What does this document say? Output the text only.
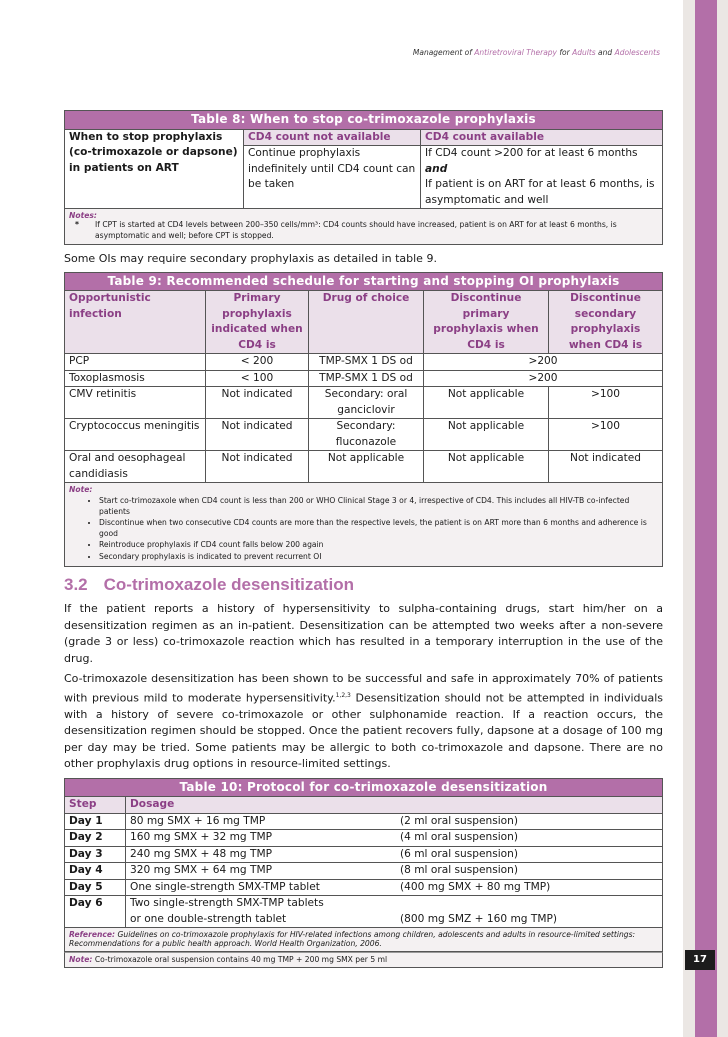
17
Management of Antiretroviral Therapy for Adults and Adolescents
Table 8: When to stop co-trimoxazole prophylaxis		
When to stop prophylaxis (co-trimoxazole or dapsone) in patients on ART	CD4 count not available	CD4 count available
	Continue prophylaxis indefinitely until CD4 count can be taken	If CD4 count >200 for at least 6 months
and
If patient is on ART for at least 6 months, is asymptomatic and well
Notes:
*	If CPT is started at CD4 levels between 200–350 cells/mm³: CD4 counts should have increased, patient is on ART for at least 6 months, is asymptomatic and well; before CPT is stopped.

Some OIs may require secondary prophylaxis as detailed in table 9.

Table 9: Recommended schedule for starting and stopping OI prophylaxis				
Opportunistic infection	Primary prophylaxis indicated when CD4 is	Drug of choice	Discontinue primary prophylaxis when CD4 is	Discontinue secondary prophylaxis when CD4 is
PCP	< 200	TMP-SMX 1 DS od	>200	
Toxoplasmosis	< 100	TMP-SMX 1 DS od	>200	
CMV retinitis	Not indicated	Secondary: oral ganciclovir	Not applicable	>100
Cryptococcus meningitis	Not indicated	Secondary: fluconazole	Not applicable	>100
Oral and oesophageal candidiasis	Not indicated	Not applicable	Not applicable	Not indicated
Note:
• Start co-trimozaxole when CD4 count is less than 200 or WHO Clinical Stage 3 or 4, irrespective of CD4. This includes all HIV-TB co-infected patients
• Discontinue when two consecutive CD4 counts are more than the respective levels, the patient is on ART more than 6 months and adherence is good
• Reintroduce prophylaxis if CD4 count falls below 200 again
• Secondary prophylaxis is indicated to prevent recurrent OI
3.2 Co-trimoxazole desensitization

If the patient reports a history of hypersensitivity to sulpha-containing drugs, start him/her on a desensitization regimen as an in-patient. Desensitization can be attempted two weeks after a non-severe (grade 3 or less) co-trimoxazole reaction which has resulted in a temporary interruption in the use of the drug.

Co-trimoxazole desensitization has been shown to be successful and safe in approximately 70% of patients with previous mild to moderate hypersensitivity.$^{1,2,3}$ Desensitization should not be attempted in individuals with a history of severe co-trimoxazole or other sulphonamide reaction. If a reaction occurs, the desensitization regimen should be stopped. Once the patient recovers fully, dapsone at a dosage of 100 mg per day may be tried. Some patients may be allergic to both co-trimoxazole and dapsone. There are no other prophylaxis drug options in resource-limited settings.

Table 10: Protocol for co-trimoxazole desensitization		
Step	Dosage	
Day 1	80 mg SMX + 16 mg TMP	(2 ml oral suspension)
Day 2	160 mg SMX + 32 mg TMP	(4 ml oral suspension)
Day 3	240 mg SMX + 48 mg TMP	(6 ml oral suspension)
Day 4	320 mg SMX + 64 mg TMP	(8 ml oral suspension)
Day 5	One single-strength SMX-TMP tablet	(400 mg SMX + 80 mg TMP)
Day 6	Two single-strength SMX-TMP tablets
or one double-strength tablet	(800 mg SMZ + 160 mg TMP)
Reference: Guidelines on co-trimoxazole prophylaxis for HIV-related infections among children, adolescents and adults in resource-limited settings: Recommendations for a public health approach. World Health Organization, 2006.
Note: Co-trimoxazole oral suspension contains 40 mg TMP + 200 mg SMX per 5 ml
